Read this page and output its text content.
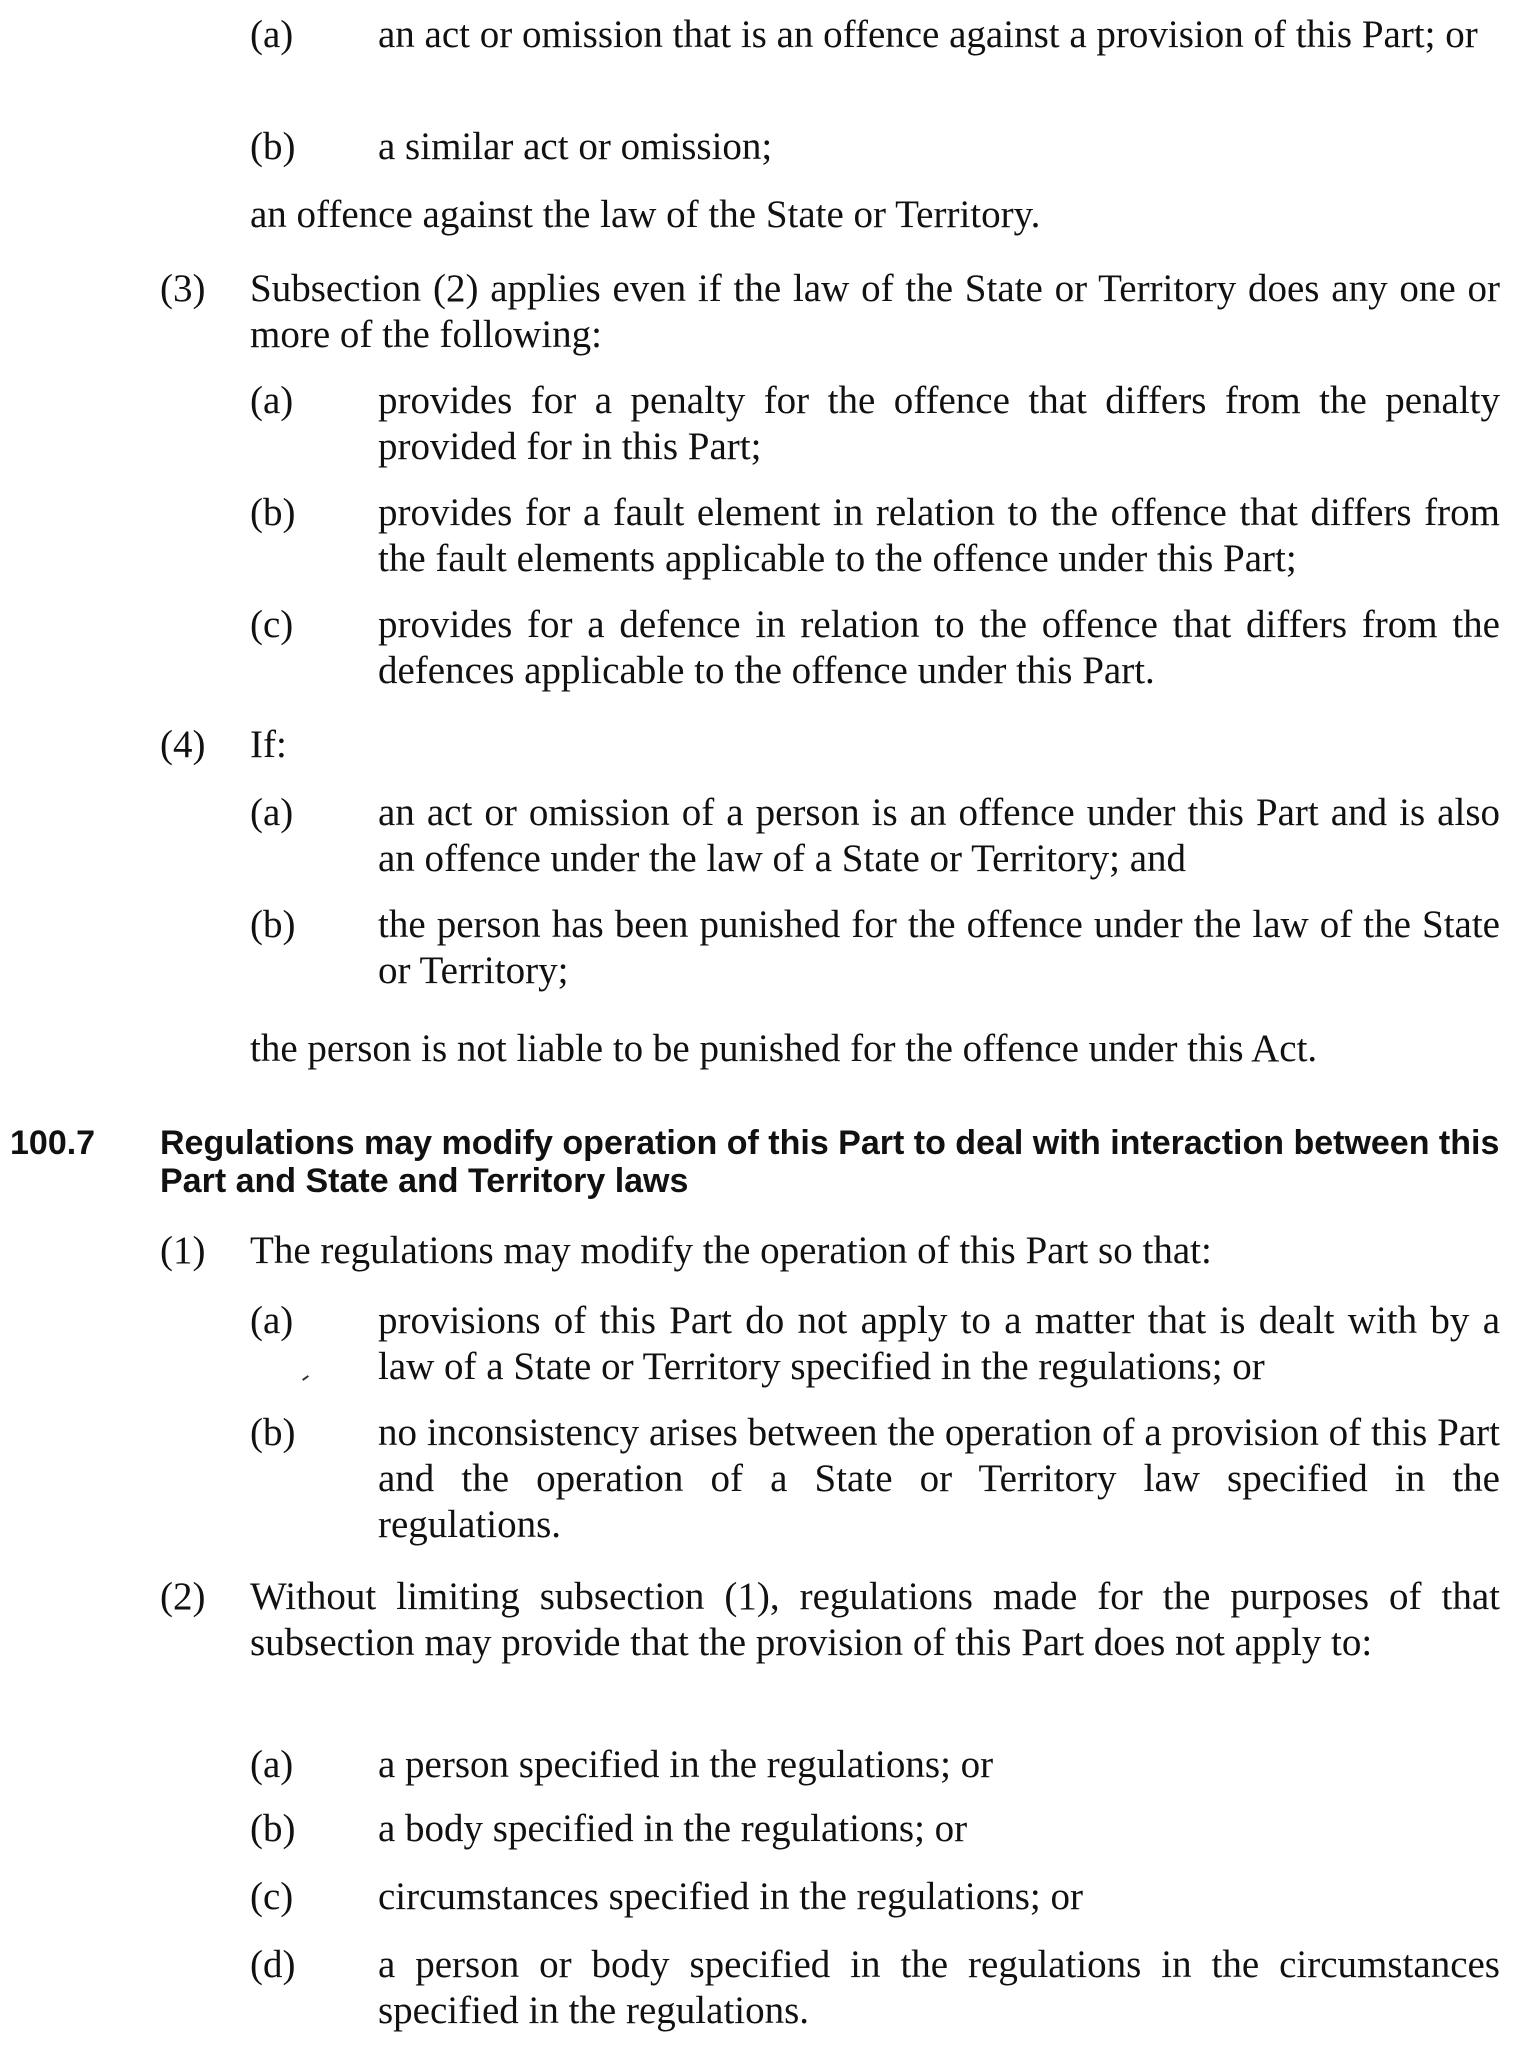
(a) an act or omission that is an offence against a provision of this Part; or
(b) a similar act or omission;
an offence against the law of the State or Territory.
(3) Subsection (2) applies even if the law of the State or Territory does any one or more of the following:
(a) provides for a penalty for the offence that differs from the penalty provided for in this Part;
(b) provides for a fault element in relation to the offence that differs from the fault elements applicable to the offence under this Part;
(c) provides for a defence in relation to the offence that differs from the defences applicable to the offence under this Part.
(4) If:
(a) an act or omission of a person is an offence under this Part and is also an offence under the law of a State or Territory; and
(b) the person has been punished for the offence under the law of the State or Territory;
the person is not liable to be punished for the offence under this Act.
100.7 Regulations may modify operation of this Part to deal with interaction between this Part and State and Territory laws
(1) The regulations may modify the operation of this Part so that:
(a) provisions of this Part do not apply to a matter that is dealt with by a law of a State or Territory specified in the regulations; or
(b) no inconsistency arises between the operation of a provision of this Part and the operation of a State or Territory law specified in the regulations.
(2) Without limiting subsection (1), regulations made for the purposes of that subsection may provide that the provision of this Part does not apply to:
(a) a person specified in the regulations; or
(b) a body specified in the regulations; or
(c) circumstances specified in the regulations; or
(d) a person or body specified in the regulations in the circumstances specified in the regulations.
